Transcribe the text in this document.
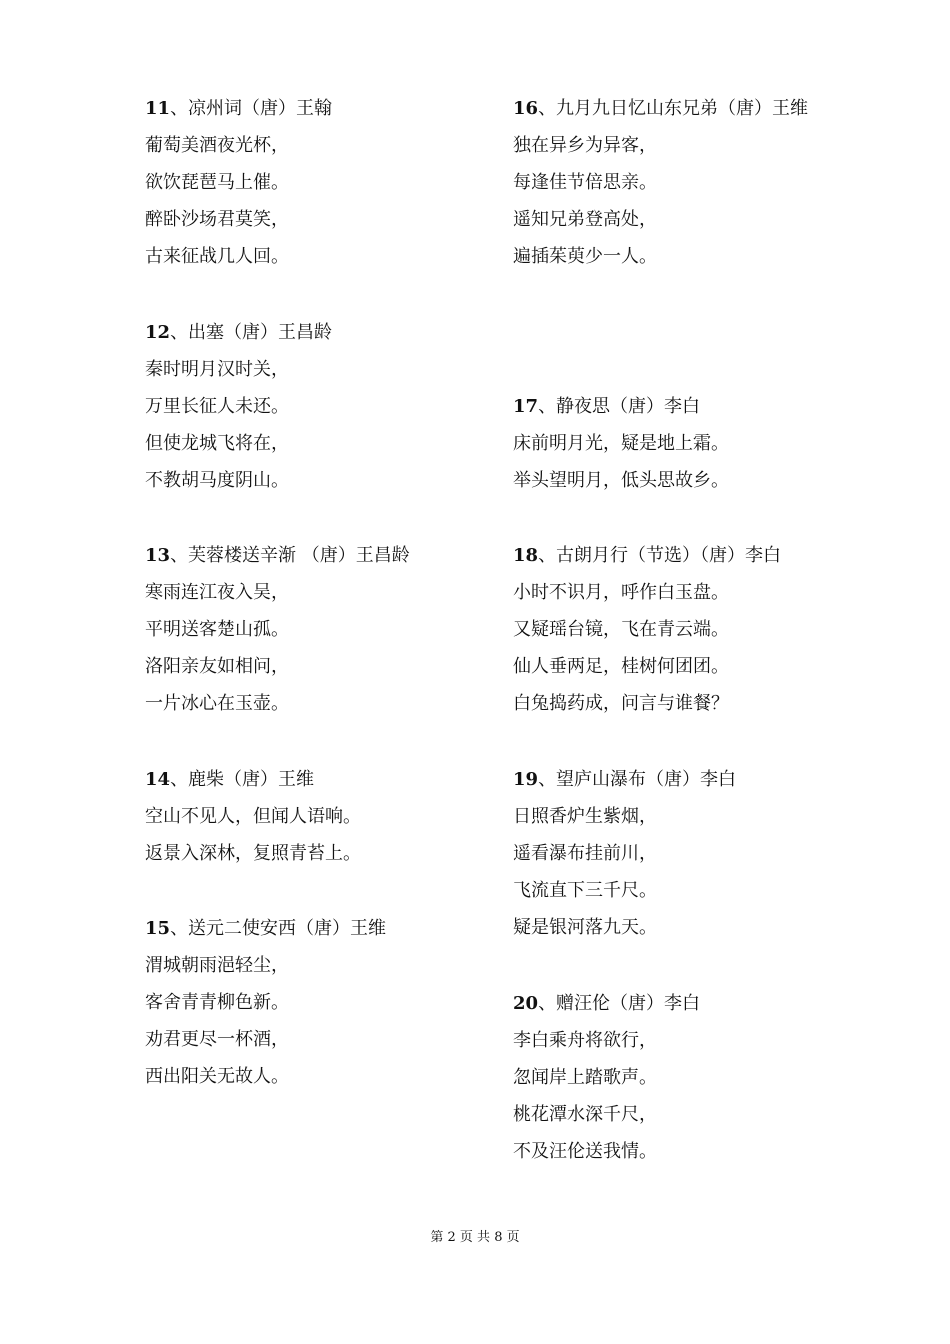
11、凉州词（唐）王翰
葡萄美酒夜光杯，
欲饮琵琶马上催。
醉卧沙场君莫笑，
古来征战几人回。
12、出塞（唐）王昌龄
秦时明月汉时关，
万里长征人未还。
但使龙城飞将在，
不教胡马度阴山。
13、芙蓉楼送辛渐 （唐）王昌龄
寒雨连江夜入吴，
平明送客楚山孤。
洛阳亲友如相问，
一片冰心在玉壶。
14、鹿柴（唐）王维
空山不见人，但闻人语响。
返景入深林，复照青苔上。
15、送元二使安西（唐）王维
渭城朝雨浥轻尘，
客舍青青柳色新。
劝君更尽一杯酒，
西出阳关无故人。
16、九月九日忆山东兄弟（唐）王维
独在异乡为异客，
每逢佳节倍思亲。
遥知兄弟登高处，
遍插茱萸少一人。
17、静夜思（唐）李白
床前明月光，疑是地上霜。
举头望明月，低头思故乡。
18、古朗月行（节选）（唐）李白
小时不识月，呼作白玉盘。
又疑瑶台镜，飞在青云端。
仙人垂两足，桂树何团团。
白兔捣药成，问言与谁餐？
19、望庐山瀑布（唐）李白
日照香炉生紫烟，
遥看瀑布挂前川，
飞流直下三千尺。
疑是银河落九天。
20、赠汪伦（唐）李白
李白乘舟将欲行，
忽闻岸上踏歌声。
桃花潭水深千尺，
不及汪伦送我情。
第 2 页 共 8 页
